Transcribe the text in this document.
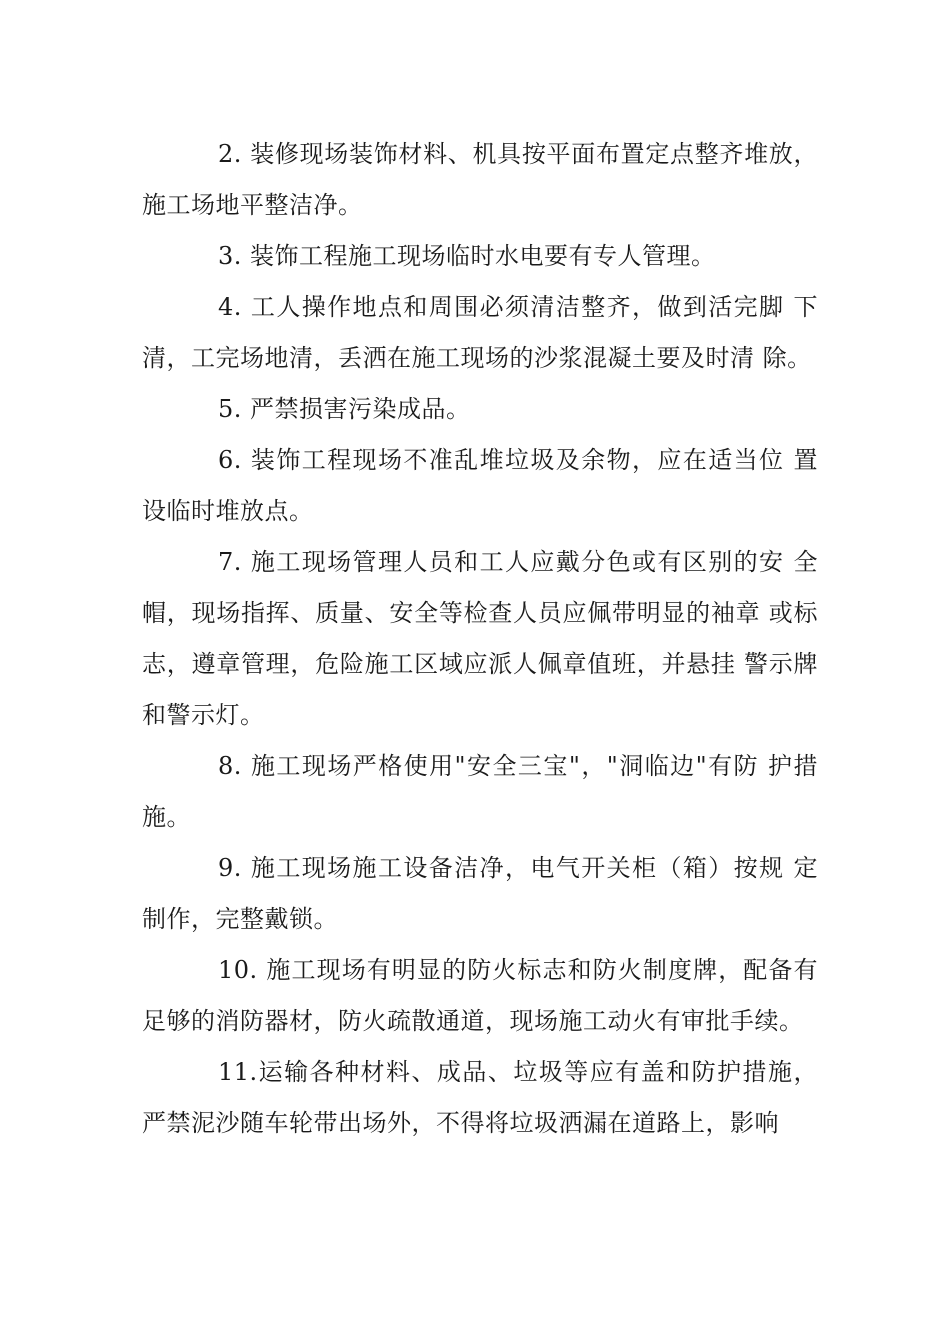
2. 装修现场装饰材料、机具按平面布置定点整齐堆放，施工场地平整洁净。

3. 装饰工程施工现场临时水电要有专人管理。

4. 工人操作地点和周围必须清洁整齐，做到活完脚 下清，工完场地清，丢洒在施工现场的沙浆混凝土要及时清 除。

5. 严禁损害污染成品。

6. 装饰工程现场不准乱堆垃圾及余物，应在适当位 置设临时堆放点。

7. 施工现场管理人员和工人应戴分色或有区别的安 全帽，现场指挥、质量、安全等检查人员应佩带明显的袖章 或标志，遵章管理，危险施工区域应派人佩章值班，并悬挂 警示牌和警示灯。

8. 施工现场严格使用"安全三宝"，"洞临边"有防 护措施。

9. 施工现场施工设备洁净，电气开关柜（箱）按规 定制作，完整戴锁。

10. 施工现场有明显的防火标志和防火制度牌，配备有足够的消防器材，防火疏散通道，现场施工动火有审批手续。

11.运输各种材料、成品、垃圾等应有盖和防护措施，严禁泥沙随车轮带出场外，不得将垃圾洒漏在道路上，影响
